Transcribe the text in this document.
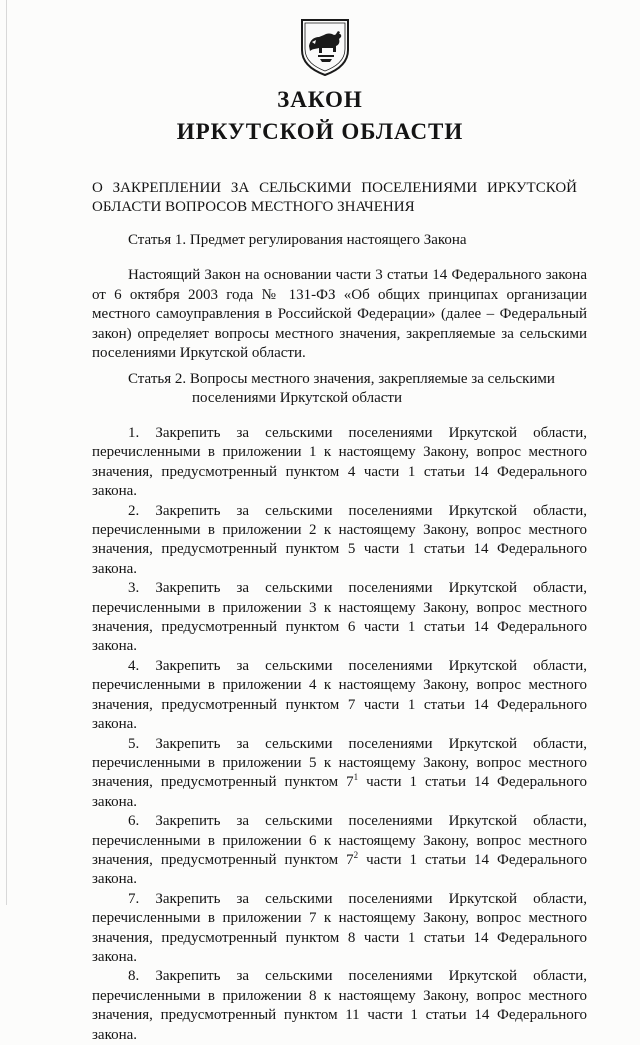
ЗАКОН
ИРКУТСКОЙ ОБЛАСТИ
О ЗАКРЕПЛЕНИИ ЗА СЕЛЬСКИМИ ПОСЕЛЕНИЯМИ ИРКУТСКОЙ ОБЛАСТИ ВОПРОСОВ МЕСТНОГО ЗНАЧЕНИЯ
Статья 1. Предмет регулирования настоящего Закона
Настоящий Закон на основании части 3 статьи 14 Федерального закона от 6 октября 2003 года № 131-ФЗ «Об общих принципах организации местного самоуправления в Российской Федерации» (далее – Федеральный закон) определяет вопросы местного значения, закрепляемые за сельскими поселениями Иркутской области.
Статья 2. Вопросы местного значения, закрепляемые за сельскими
поселениями Иркутской области

1. Закрепить за сельскими поселениями Иркутской области, перечисленными в приложении 1 к настоящему Закону, вопрос местного значения, предусмотренный пунктом 4 части 1 статьи 14 Федерального закона.

2. Закрепить за сельскими поселениями Иркутской области, перечисленными в приложении 2 к настоящему Закону, вопрос местного значения, предусмотренный пунктом 5 части 1 статьи 14 Федерального закона.

3. Закрепить за сельскими поселениями Иркутской области, перечисленными в приложении 3 к настоящему Закону, вопрос местного значения, предусмотренный пунктом 6 части 1 статьи 14 Федерального закона.

4. Закрепить за сельскими поселениями Иркутской области, перечисленными в приложении 4 к настоящему Закону, вопрос местного значения, предусмотренный пунктом 7 части 1 статьи 14 Федерального закона.

5. Закрепить за сельскими поселениями Иркутской области, перечисленными в приложении 5 к настоящему Закону, вопрос местного значения, предусмотренный пунктом $7^1$ части 1 статьи 14 Федерального закона.

6. Закрепить за сельскими поселениями Иркутской области, перечисленными в приложении 6 к настоящему Закону, вопрос местного значения, предусмотренный пунктом $7^2$ части 1 статьи 14 Федерального закона.

7. Закрепить за сельскими поселениями Иркутской области, перечисленными в приложении 7 к настоящему Закону, вопрос местного значения, предусмотренный пунктом 8 части 1 статьи 14 Федерального закона.

8. Закрепить за сельскими поселениями Иркутской области, перечисленными в приложении 8 к настоящему Закону, вопрос местного значения, предусмотренный пунктом 11 части 1 статьи 14 Федерального закона.
